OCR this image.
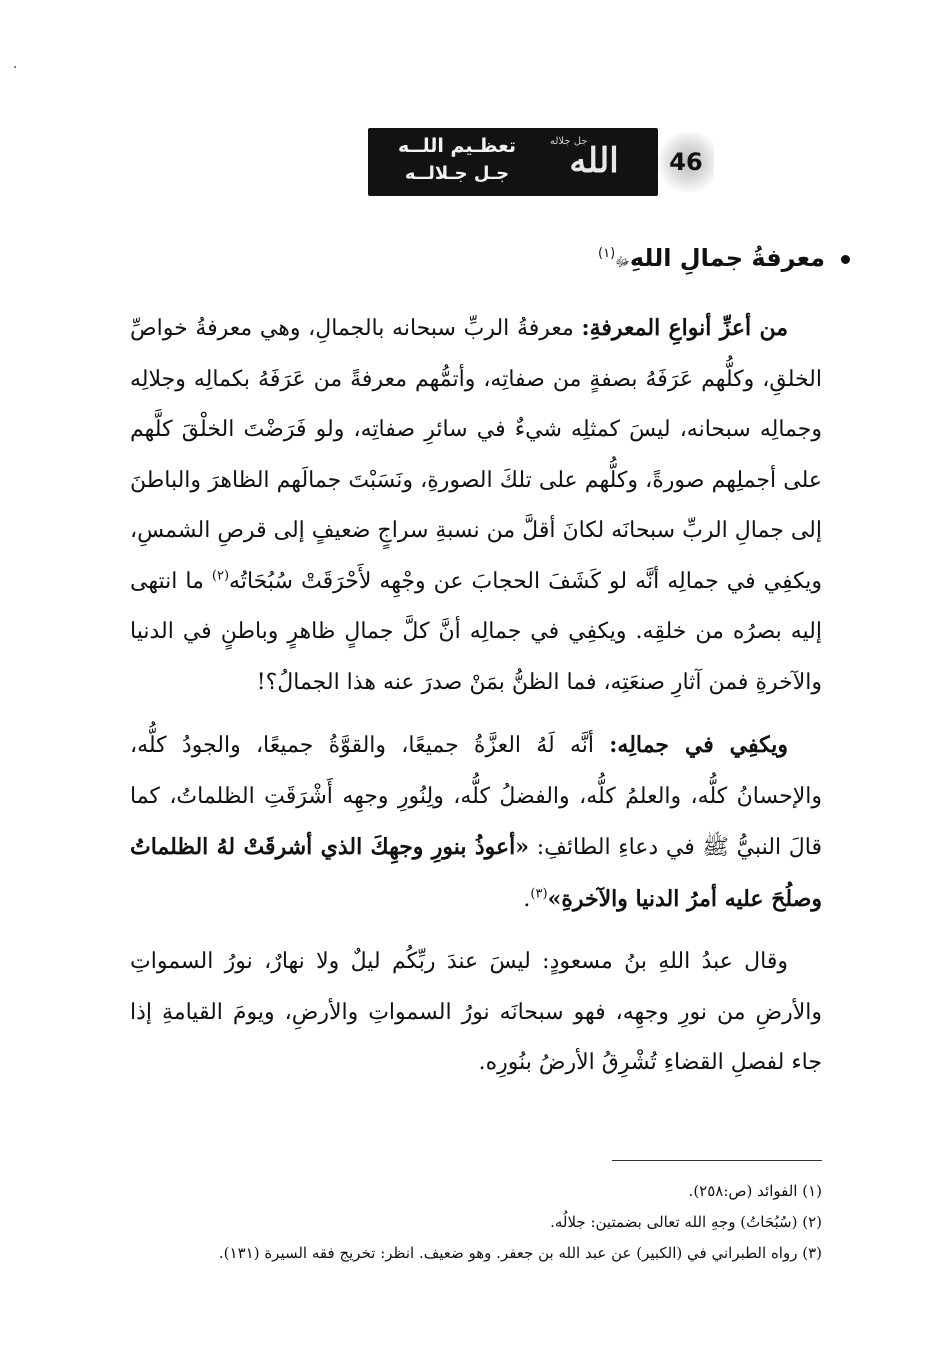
تعظـيم اللــه
جـل جـلالــه
جل جلاله
الله	46
معرفةُ جمالِ اللهِﷻ$^{(١)}$

من أعزِّ أنواعِ المعرفةِ: معرفةُ الربِّ سبحانه بالجمالِ، وهي معرفةُ خواصِّ الخلقِ، وكلُّهم عَرَفَهُ بصفةٍ من صفاتِه، وأتمُّهم معرفةً من عَرَفَهُ بكمالِه وجلالِه وجمالِه سبحانه، ليسَ كمثلِه شيءٌ في سائرِ صفاتِه، ولو فَرَضْتَ الخلْقَ كلَّهم على أجملِهم صورةً، وكلُّهم على تلكَ الصورةِ، ونَسَبْتَ جمالَهم الظاهرَ والباطنَ إلى جمالِ الربِّ سبحانَه لكانَ أقلَّ من نسبةِ سراجٍ ضعيفٍ إلى قرصِ الشمسِ، ويكفِي في جمالِه أنَّه لو كَشَفَ الحجابَ عن وجْهِه لأَحْرَقَتْ سُبُحَاتُه$^{(٢)}$ ما انتهى إليه بصرُه من خلقِه. ويكفِي في جمالِه أنَّ كلَّ جمالٍ ظاهرٍ وباطنٍ في الدنيا والآخرةِ فمن آثارِ صنعَتِه، فما الظنُّ بمَنْ صدرَ عنه هذا الجمالُ؟!

ويكفِي في جمالِه: أنَّه لَهُ العزَّةُ جميعًا، والقوَّةُ جميعًا، والجودُ كلُّه، والإحسانُ كلُّه، والعلمُ كلُّه، والفضلُ كلُّه، ولِنُورِ وجهِه أَشْرَقَتِ الظلماتُ، كما قالَ النبيُّ ﷺ في دعاءِ الطائفِ: «أعوذُ بنورِ وجهِكَ الذي أشرقَتْ لهُ الظلماتُ وصلُحَ عليه أمرُ الدنيا والآخرةِ»$^{(٣)}$.

وقال عبدُ اللهِ بنُ مسعودٍ: ليسَ عندَ ربِّكُم ليلٌ ولا نهارٌ، نورُ السمواتِ والأرضِ من نورِ وجهِه، فهو سبحانَه نورُ السمواتِ والأرضِ، ويومَ القيامةِ إذا جاء لفصلِ القضاءِ تُشْرِقُ الأرضُ بنُورِه.

(١) الفوائد (ص:٢٥٨).

(٢) (سُبُحَاتُ) وجهِ الله تعالى بضمتين: جلالُه.

(٣) رواه الطبراني في (الكبير) عن عبد الله بن جعفر. وهو ضعيف. انظر: تخريج فقه السيرة (١٣١).
